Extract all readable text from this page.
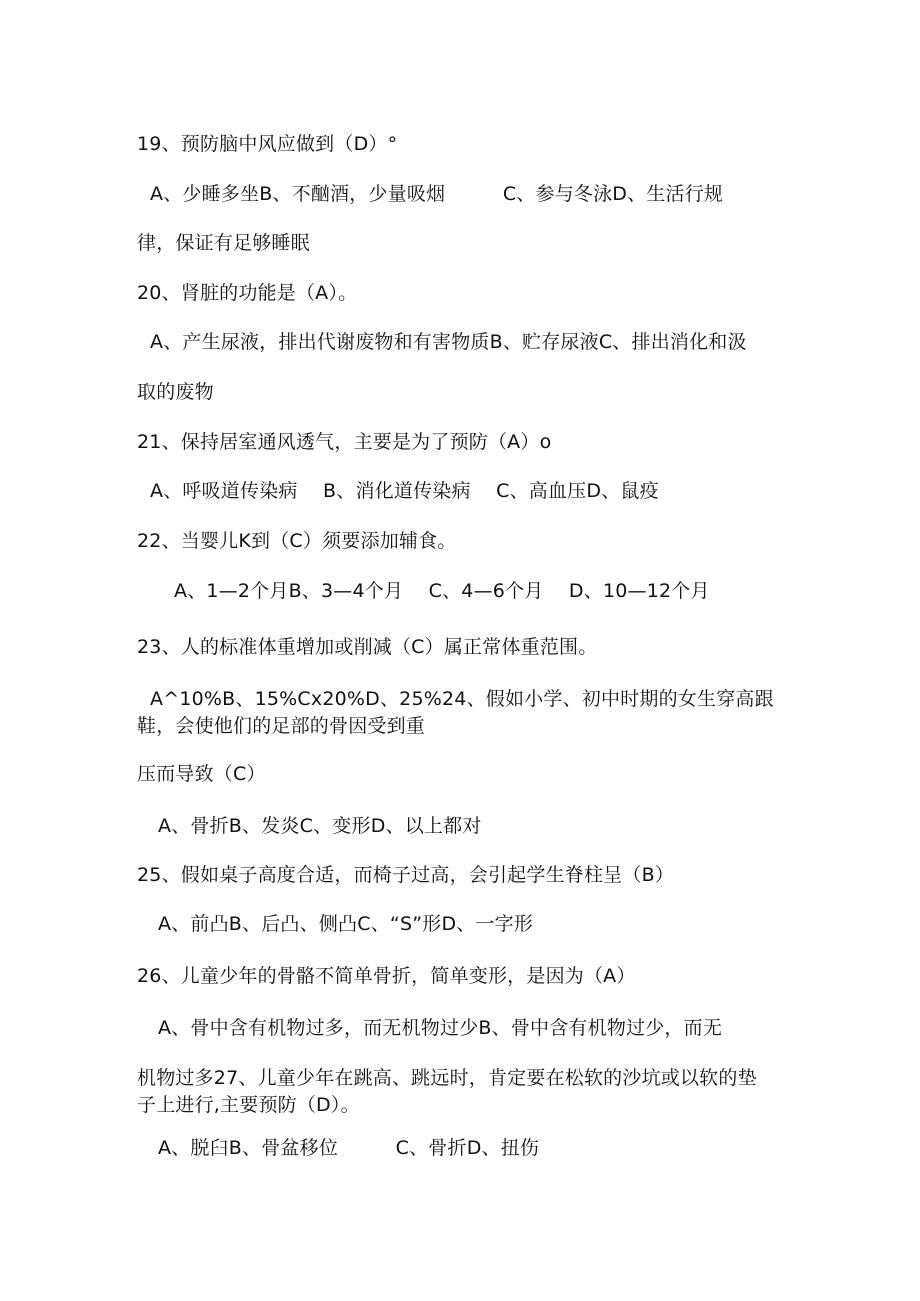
19、预防脑中风应做到（D）°
A、少睡多坐B、不酗酒，少量吸烟　　　C、参与冬泳D、生活行规
律，保证有足够睡眠
20、肾脏的功能是（A）。
A、产生尿液，排出代谢废物和有害物质B、贮存尿液C、排出消化和汲
取的废物
21、保持居室通风透气，主要是为了预防（A）o
A、呼吸道传染病　 B、消化道传染病　 C、高血压D、鼠疫
22、当婴儿K到（C）须要添加辅食。
A、1—2个月B、3—4个月　 C、4—6个月　 D、10—12个月
23、人的标准体重增加或削减（C）属正常体重范围。
A^10%B、15%Cx20%D、25%24、假如小学、初中时期的女生穿高跟
鞋，会使他们的足部的骨因受到重
压而导致（C）
A、骨折B、发炎C、变形D、以上都对
25、假如桌子高度合适，而椅子过高，会引起学生脊柱呈（B）
A、前凸B、后凸、侧凸C、“S”形D、一字形
26、儿童少年的骨骼不简单骨折，简单变形，是因为（A）
A、骨中含有机物过多，而无机物过少B、骨中含有机物过少，而无
机物过多27、儿童少年在跳高、跳远时，肯定要在松软的沙坑或以软的垫
子上进行,主要预防（D）。
A、脱臼B、骨盆移位　　　C、骨折D、扭伤
